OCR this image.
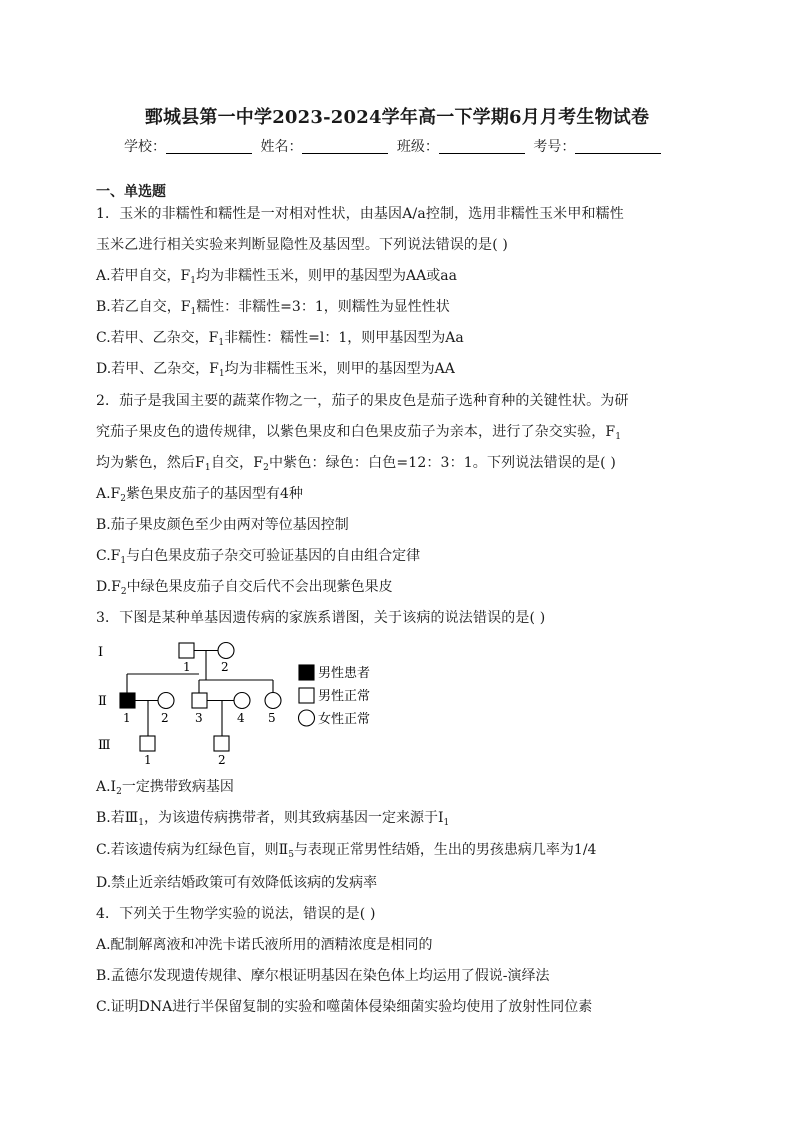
鄄城县第一中学2023-2024学年高一下学期6月月考生物试卷
学校：	姓名：	班级：	考号：
一、单选题
1．玉米的非糯性和糯性是一对相对性状，由基因A/a控制，选用非糯性玉米甲和糯性
玉米乙进行相关实验来判断显隐性及基因型。下列说法错误的是( )
A.若甲自交，$F_1$均为非糯性玉米，则甲的基因型为AA或aa
B.若乙自交，$F_1$糯性：非糯性=3：1，则糯性为显性性状
C.若甲、乙杂交，$F_1$非糯性：糯性=l：1，则甲基因型为Aa
D.若甲、乙杂交，$F_1$均为非糯性玉米，则甲的基因型为AA
2．茄子是我国主要的蔬菜作物之一，茄子的果皮色是茄子选种育种的关键性状。为研
究茄子果皮色的遗传规律，以紫色果皮和白色果皮茄子为亲本，进行了杂交实验，$F_1$
均为紫色，然后$F_1$自交，$F_2$中紫色：绿色：白色=12：3：1。下列说法错误的是( )
$A.F_2$紫色果皮茄子的基因型有4种
B.茄子果皮颜色至少由两对等位基因控制
$C.F_1$与白色果皮茄子杂交可验证基因的自由组合定律
$D.F_2$中绿色果皮茄子自交后代不会出现紫色果皮
3．下图是某种单基因遗传病的家族系谱图，关于该病的说法错误的是( )
Ⅰ
Ⅱ
Ⅲ
1	2
1	2 3	4 5
1	2
男性患者
男性正常
女性正常
$A.I_2$一定携带致病基因
B.若$Ⅲ_1$，为该遗传病携带者，则其致病基因一定来源于$I_1$
C.若该遗传病为红绿色盲，则$Ⅱ_5$与表现正常男性结婚，生出的男孩患病几率为1/4
D.禁止近亲结婚政策可有效降低该病的发病率
4．下列关于生物学实验的说法，错误的是( )
A.配制解离液和冲洗卡诺氏液所用的酒精浓度是相同的
B.孟德尔发现遗传规律、摩尔根证明基因在染色体上均运用了假说-演绎法
C.证明DNA进行半保留复制的实验和噬菌体侵染细菌实验均使用了放射性同位素
